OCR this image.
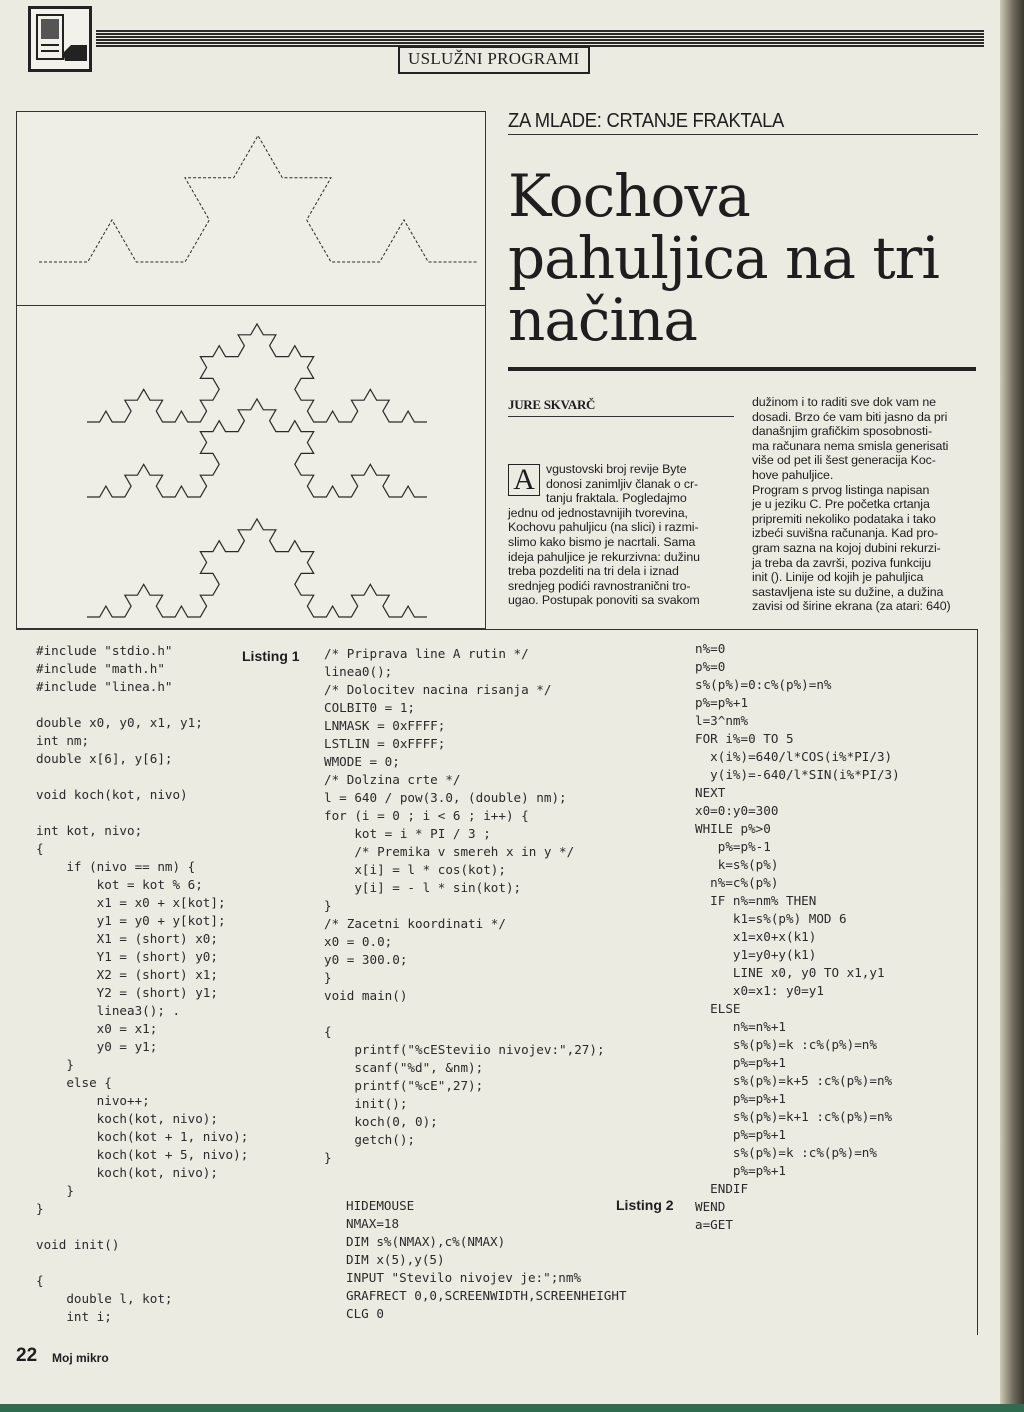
USLUŽNI PROGRAMI
ZA MLADE: CRTANJE FRAKTALA
Kochova
pahuljica na tri
načina
JURE SKVARČ
A vgustovski broj revije Byte
donosi zanimljiv članak o cr-
tanju fraktala. Pogledajmo
jednu od jednostavnijih tvorevina,
Kochovu pahuljicu (na slici) i razmi-
slimo kako bismo je nacrtali. Sama
ideja pahuljice je rekurzivna: dužinu
treba pozdeliti na tri dela i iznad
srednjeg podići ravnostranični tro-
ugao. Postupak ponoviti sa svakom
dužinom i to raditi sve dok vam ne
dosadi. Brzo će vam biti jasno da pri
današnjim grafičkim sposobnosti-
ma računara nema smisla generisati
više od pet ili šest generacija Koc-
hove pahuljice.
Program s prvog listinga napisan
je u jeziku C. Pre početka crtanja
pripremiti nekoliko podataka i tako
izbeći suvišna računanja. Kad pro-
gram sazna na kojoj dubini rekurzi-
ja treba da završi, poziva funkciju
init (). Linije od kojih je pahuljica
sastavljena iste su dužine, a dužina
zavisi od širine ekrana (za atari: 640)
Listing 1
#include "stdio.h"
#include "math.h"
#include "linea.h"
double x0, y0, x1, y1;
int nm;
double x[6], y[6];
void koch(kot, nivo)
int kot, nivo;
{
if (nivo == nm) {
kot = kot % 6;
x1 = x0 + x[kot];
y1 = y0 + y[kot];
X1 = (short) x0;
Y1 = (short) y0;
X2 = (short) x1;
Y2 = (short) y1;
linea3(); .
x0 = x1;
y0 = y1;
}
else {
nivo++;
koch(kot, nivo);
koch(kot + 1, nivo);
koch(kot + 5, nivo);
koch(kot, nivo);
}
}
void init()
{
double l, kot;
int i;
/* Priprava line A rutin */
linea0();
/* Dolocitev nacina risanja */
COLBIT0 = 1;
LNMASK = 0xFFFF;
LSTLIN = 0xFFFF;
WMODE = 0;
/* Dolzina crte */
l = 640 / pow(3.0, (double) nm);
for (i = 0 ; i < 6 ; i++) {
kot = i * PI / 3 ;
/* Premika v smereh x in y */
x[i] = l * cos(kot);
y[i] = - l * sin(kot);
}
/* Zacetni koordinati */
x0 = 0.0;
y0 = 300.0;
}
void main()
{
printf("%cESteviio nivojev:",27);
scanf("%d", &nm);
printf("%cE",27);
init();
koch(0, 0);
getch();
}
Listing 2
HIDEMOUSE
NMAX=18
DIM s%(NMAX),c%(NMAX)
DIM x(5),y(5)
INPUT "Stevilo nivojev je:";nm%
GRAFRECT 0,0,SCREENWIDTH,SCREENHEIGHT
CLG 0
n%=0
p%=0
s%(p%)=0:c%(p%)=n%
p%=p%+1
l=3^nm%
FOR i%=0 TO 5
x(i%)=640/l*COS(i%*PI/3)
y(i%)=-640/l*SIN(i%*PI/3)
NEXT
x0=0:y0=300
WHILE p%>0
p%=p%-1
k=s%(p%)
n%=c%(p%)
IF n%=nm% THEN
k1=s%(p%) MOD 6
x1=x0+x(k1)
y1=y0+y(k1)
LINE x0, y0 TO x1,y1
x0=x1: y0=y1
ELSE
n%=n%+1
s%(p%)=k :c%(p%)=n%
p%=p%+1
s%(p%)=k+5 :c%(p%)=n%
p%=p%+1
s%(p%)=k+1 :c%(p%)=n%
p%=p%+1
s%(p%)=k :c%(p%)=n%
p%=p%+1
ENDIF
WEND
a=GET
22 Moj mikro
